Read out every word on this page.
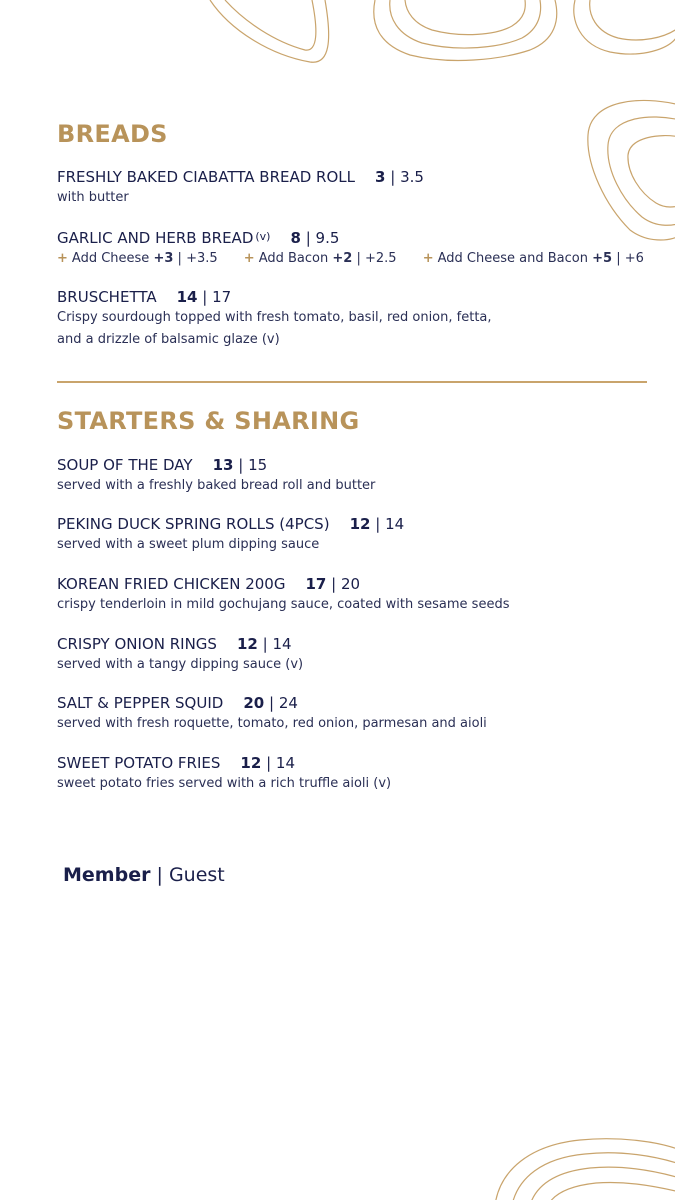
BREADS
FRESHLY BAKED CIABATTA BREAD ROLL 3 | 3.5
with butter
GARLIC AND HERB BREAD $^{(v)}$ 8 | 9.5
+ Add Cheese +3 | +3.5 + Add Bacon +2 | +2.5 + Add Cheese and Bacon +5 | +6
BRUSCHETTA 14 | 17
Crispy sourdough topped with fresh tomato, basil, red onion, fetta,
and a drizzle of balsamic glaze (v)
STARTERS & SHARING
SOUP OF THE DAY 13 | 15
served with a freshly baked bread roll and butter
PEKING DUCK SPRING ROLLS (4PCS) 12 | 14
served with a sweet plum dipping sauce
KOREAN FRIED CHICKEN 200G 17 | 20
crispy tenderloin in mild gochujang sauce, coated with sesame seeds
CRISPY ONION RINGS 12 | 14
served with a tangy dipping sauce (v)
SALT & PEPPER SQUID 20 | 24
served with fresh roquette, tomato, red onion, parmesan and aioli
SWEET POTATO FRIES 12 | 14
sweet potato fries served with a rich truffle aioli (v)
Member | Guest
